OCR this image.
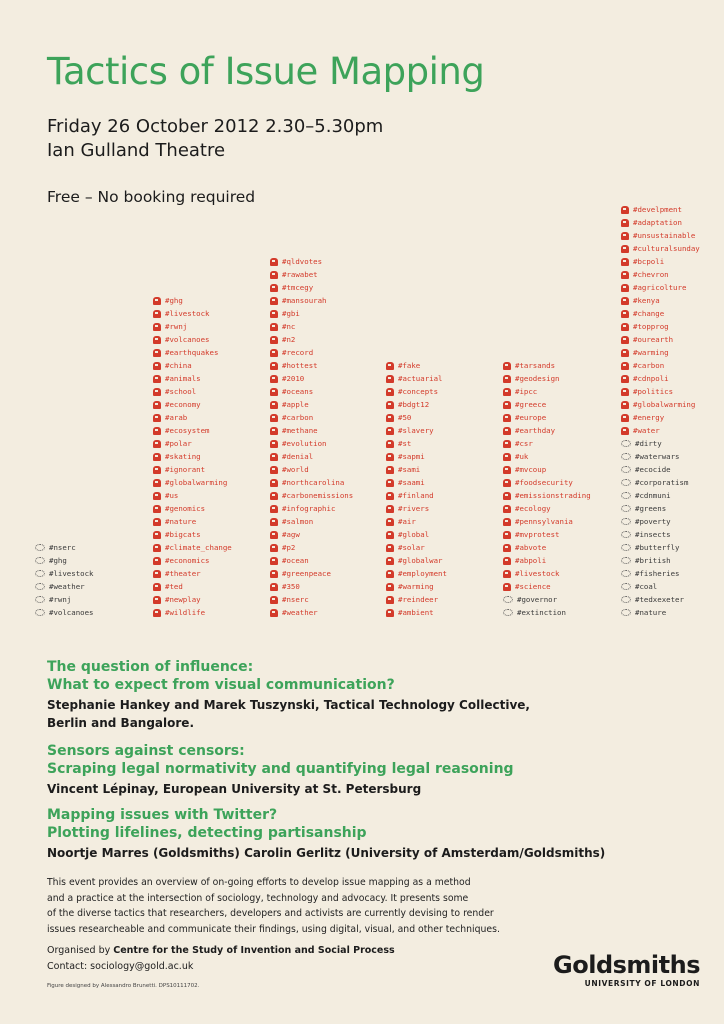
Tactics of Issue Mapping
Friday 26 October 2012 2.30–5.30pm
Ian Gulland Theatre
Free – No booking required
#nserc
#ghg
#livestock
#weather
#rwnj
#volcanoes
#ghg
#livestock
#rwnj
#volcanoes
#earthquakes
#china
#animals
#school
#economy
#arab
#ecosystem
#polar
#skating
#ignorant
#globalwarming
#us
#genomics
#nature
#bigcats
#climate_change
#economics
#theater
#ted
#newplay
#wildlife
#qldvotes
#rawabet
#tmcegy
#mansourah
#gbi
#nc
#n2
#record
#hottest
#2010
#oceans
#apple
#carbon
#methane
#evolution
#denial
#world
#northcarolina
#carbonemissions
#infographic
#salmon
#agw
#p2
#ocean
#greenpeace
#350
#nserc
#weather
#fake
#actuarial
#concepts
#bdgt12
#50
#slavery
#st
#sapmi
#sami
#saami
#finland
#rivers
#air
#global
#solar
#globalwar
#employment
#warming
#reindeer
#ambient
#tarsands
#geodesign
#ipcc
#greece
#europe
#earthday
#csr
#uk
#mvcoup
#foodsecurity
#emissionstrading
#ecology
#pennsylvania
#mvprotest
#abvote
#abpoli
#livestock
#science
#governor
#extinction
#develpment
#adaptation
#unsustainable
#culturalsunday
#bcpoli
#chevron
#agricolture
#kenya
#change
#topprog
#ourearth
#warming
#carbon
#cdnpoli
#politics
#globalwarming
#energy
#water
#dirty
#waterwars
#ecocide
#corporatism
#cdnmuni
#greens
#poverty
#insects
#butterfly
#british
#fisheries
#coal
#tedxexeter
#nature
The question of influence:
What to expect from visual communication?
Stephanie Hankey and Marek Tuszynski, Tactical Technology Collective,
Berlin and Bangalore.
Sensors against censors:
Scraping legal normativity and quantifying legal reasoning
Vincent Lépinay, European University at St. Petersburg
Mapping issues with Twitter?
Plotting lifelines, detecting partisanship
Noortje Marres (Goldsmiths) Carolin Gerlitz (University of Amsterdam/Goldsmiths)
This event provides an overview of on-going efforts to develop issue mapping as a method
and a practice at the intersection of sociology, technology and advocacy. It presents some
of the diverse tactics that researchers, developers and activists are currently devising to render
issues researcheable and communicate their findings, using digital, visual, and other techniques.
Organised by Centre for the Study of Invention and Social Process
Contact: sociology@gold.ac.uk
Figure designed by Alessandro Brunetti. DPS10111702.
Goldsmiths
UNIVERSITY OF LONDON
